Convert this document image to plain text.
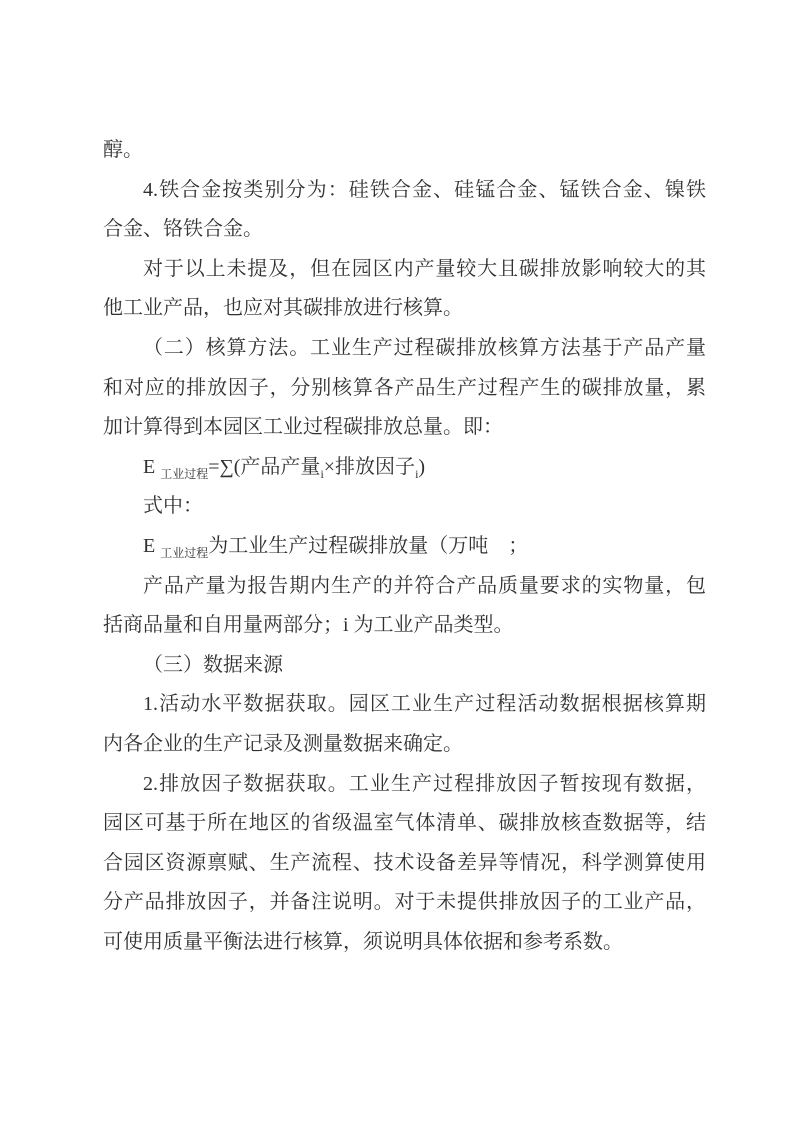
醇。
4.铁合金按类别分为：硅铁合金、硅锰合金、锰铁合金、镍铁
合金、铬铁合金。
对于以上未提及，但在园区内产量较大且碳排放影响较大的其
他工业产品，也应对其碳排放进行核算。
（二）核算方法。工业生产过程碳排放核算方法基于产品产量
和对应的排放因子，分别核算各产品生产过程产生的碳排放量，累
加计算得到本园区工业过程碳排放总量。即：
E $_{工业过程}$=∑(产品产量$_i$×排放因子$_i$)
式中：
E $_{工业过程}$为工业生产过程碳排放量（万吨　；
产品产量为报告期内生产的并符合产品质量要求的实物量，包
括商品量和自用量两部分；i 为工业产品类型。
（三）数据来源
1.活动水平数据获取。园区工业生产过程活动数据根据核算期
内各企业的生产记录及测量数据来确定。
2.排放因子数据获取。工业生产过程排放因子暂按现有数据，
园区可基于所在地区的省级温室气体清单、碳排放核查数据等，结
合园区资源禀赋、生产流程、技术设备差异等情况，科学测算使用
分产品排放因子，并备注说明。对于未提供排放因子的工业产品，
可使用质量平衡法进行核算，须说明具体依据和参考系数。
